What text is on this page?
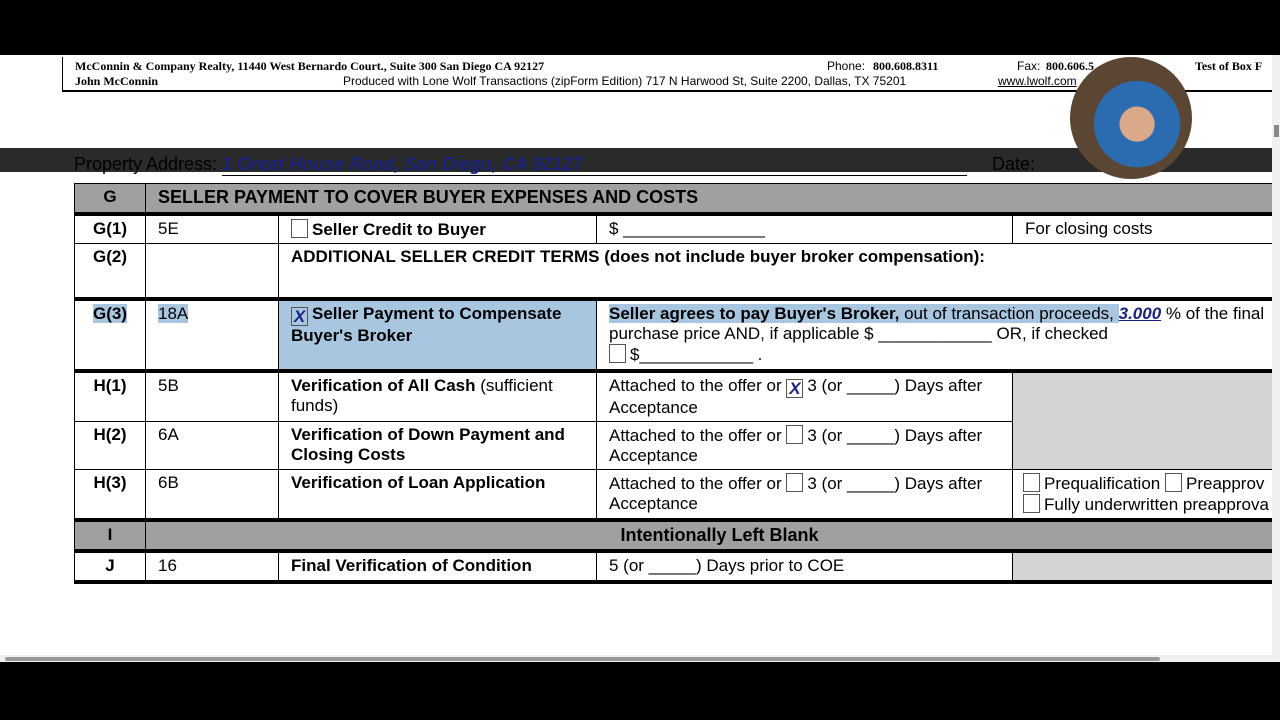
McConnin & Company Realty, 11440 West Bernardo Court., Suite 300 San Diego CA 92127
John McConnin
Phone: 800.608.8311	Fax: 800.606.5
Produced with Lone Wolf Transactions (zipForm Edition) 717 N Harwood St, Suite 2200, Dallas, TX 75201	www.lwolf.com
Test of Box F
Property Address: 1 Great House Road, San Diego, CA 92127	Date:
G	SELLER PAYMENT TO COVER BUYER EXPENSES AND COSTS			
G(1)	5E	Seller Credit to Buyer	$ _______________	For closing costs
G(2)		ADDITIONAL SELLER CREDIT TERMS (does not include buyer broker compensation):		
G(3)	18A	X Seller Payment to Compensate Buyer's Broker	Seller agrees to pay Buyer's Broker, out of transaction proceeds, 3.000 % of the final purchase price AND, if applicable $ ____________ OR, if checked
$____________ .	
H(1)	5B	Verification of All Cash (sufficient funds)	Attached to the offer or X 3 (or _____) Days after Acceptance	
H(2)	6A	Verification of Down Payment and Closing Costs	Attached to the offer or 3 (or _____) Days after Acceptance	
H(3)	6B	Verification of Loan Application	Attached to the offer or 3 (or _____) Days after Acceptance	Prequalification Preapprov
Fully underwritten preapprova
I	Intentionally Left Blank			
J	16	Final Verification of Condition	5 (or _____) Days prior to COE	
